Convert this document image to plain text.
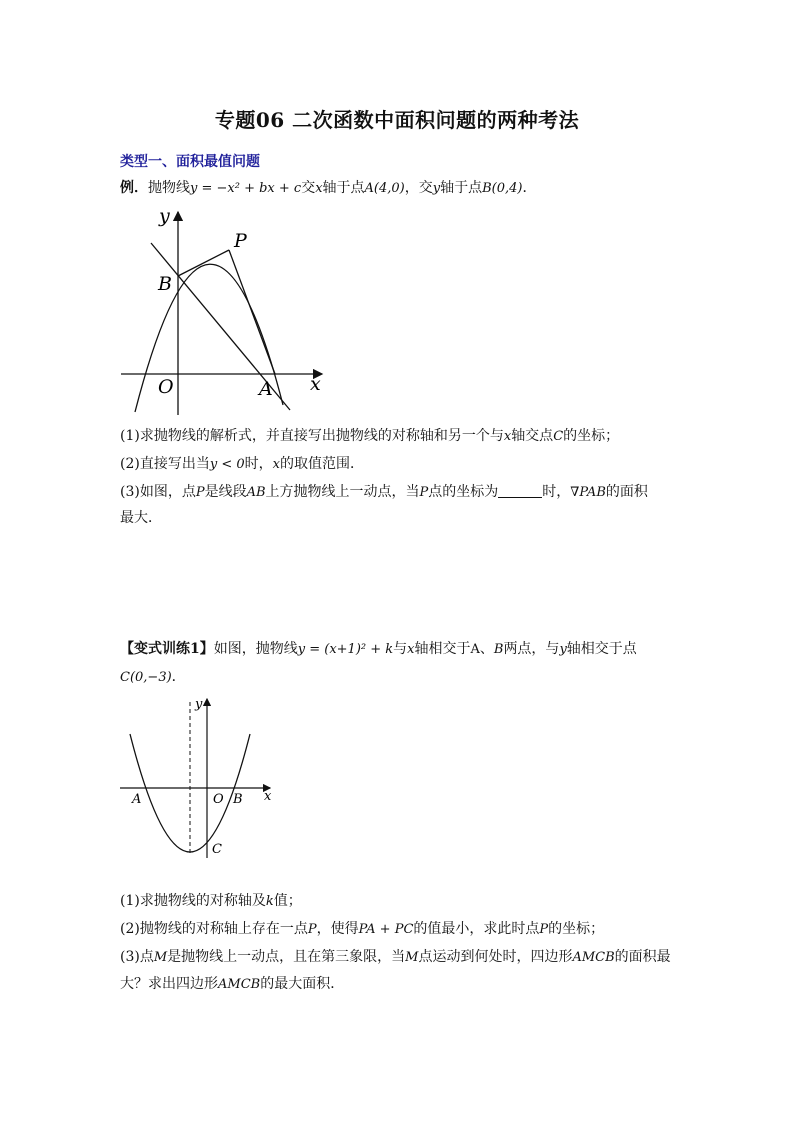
专题06 二次函数中面积问题的两种考法
类型一、面积最值问题
例．抛物线y = −x² + bx + c交x轴于点A(4,0)，交y轴于点B(0,4)．
y
x
B
P
O	A
(1)求抛物线的解析式，并直接写出抛物线的对称轴和另一个与x轴交点C的坐标；
(2)直接写出当y < 0时，x的取值范围．
(3)如图，点P是线段AB上方抛物线上一动点，当P点的坐标为	时，∇PAB的面积
最大．
【变式训练1】如图，抛物线y = (x+1)² + k与x轴相交于A、B两点，与y轴相交于点
C(0,−3)．
y
x
A	O B
C
(1)求抛物线的对称轴及k值；
(2)抛物线的对称轴上存在一点P，使得PA + PC的值最小，求此时点P的坐标；
(3)点M是抛物线上一动点，且在第三象限，当M点运动到何处时，四边形AMCB的面积最
大？求出四边形AMCB的最大面积．
